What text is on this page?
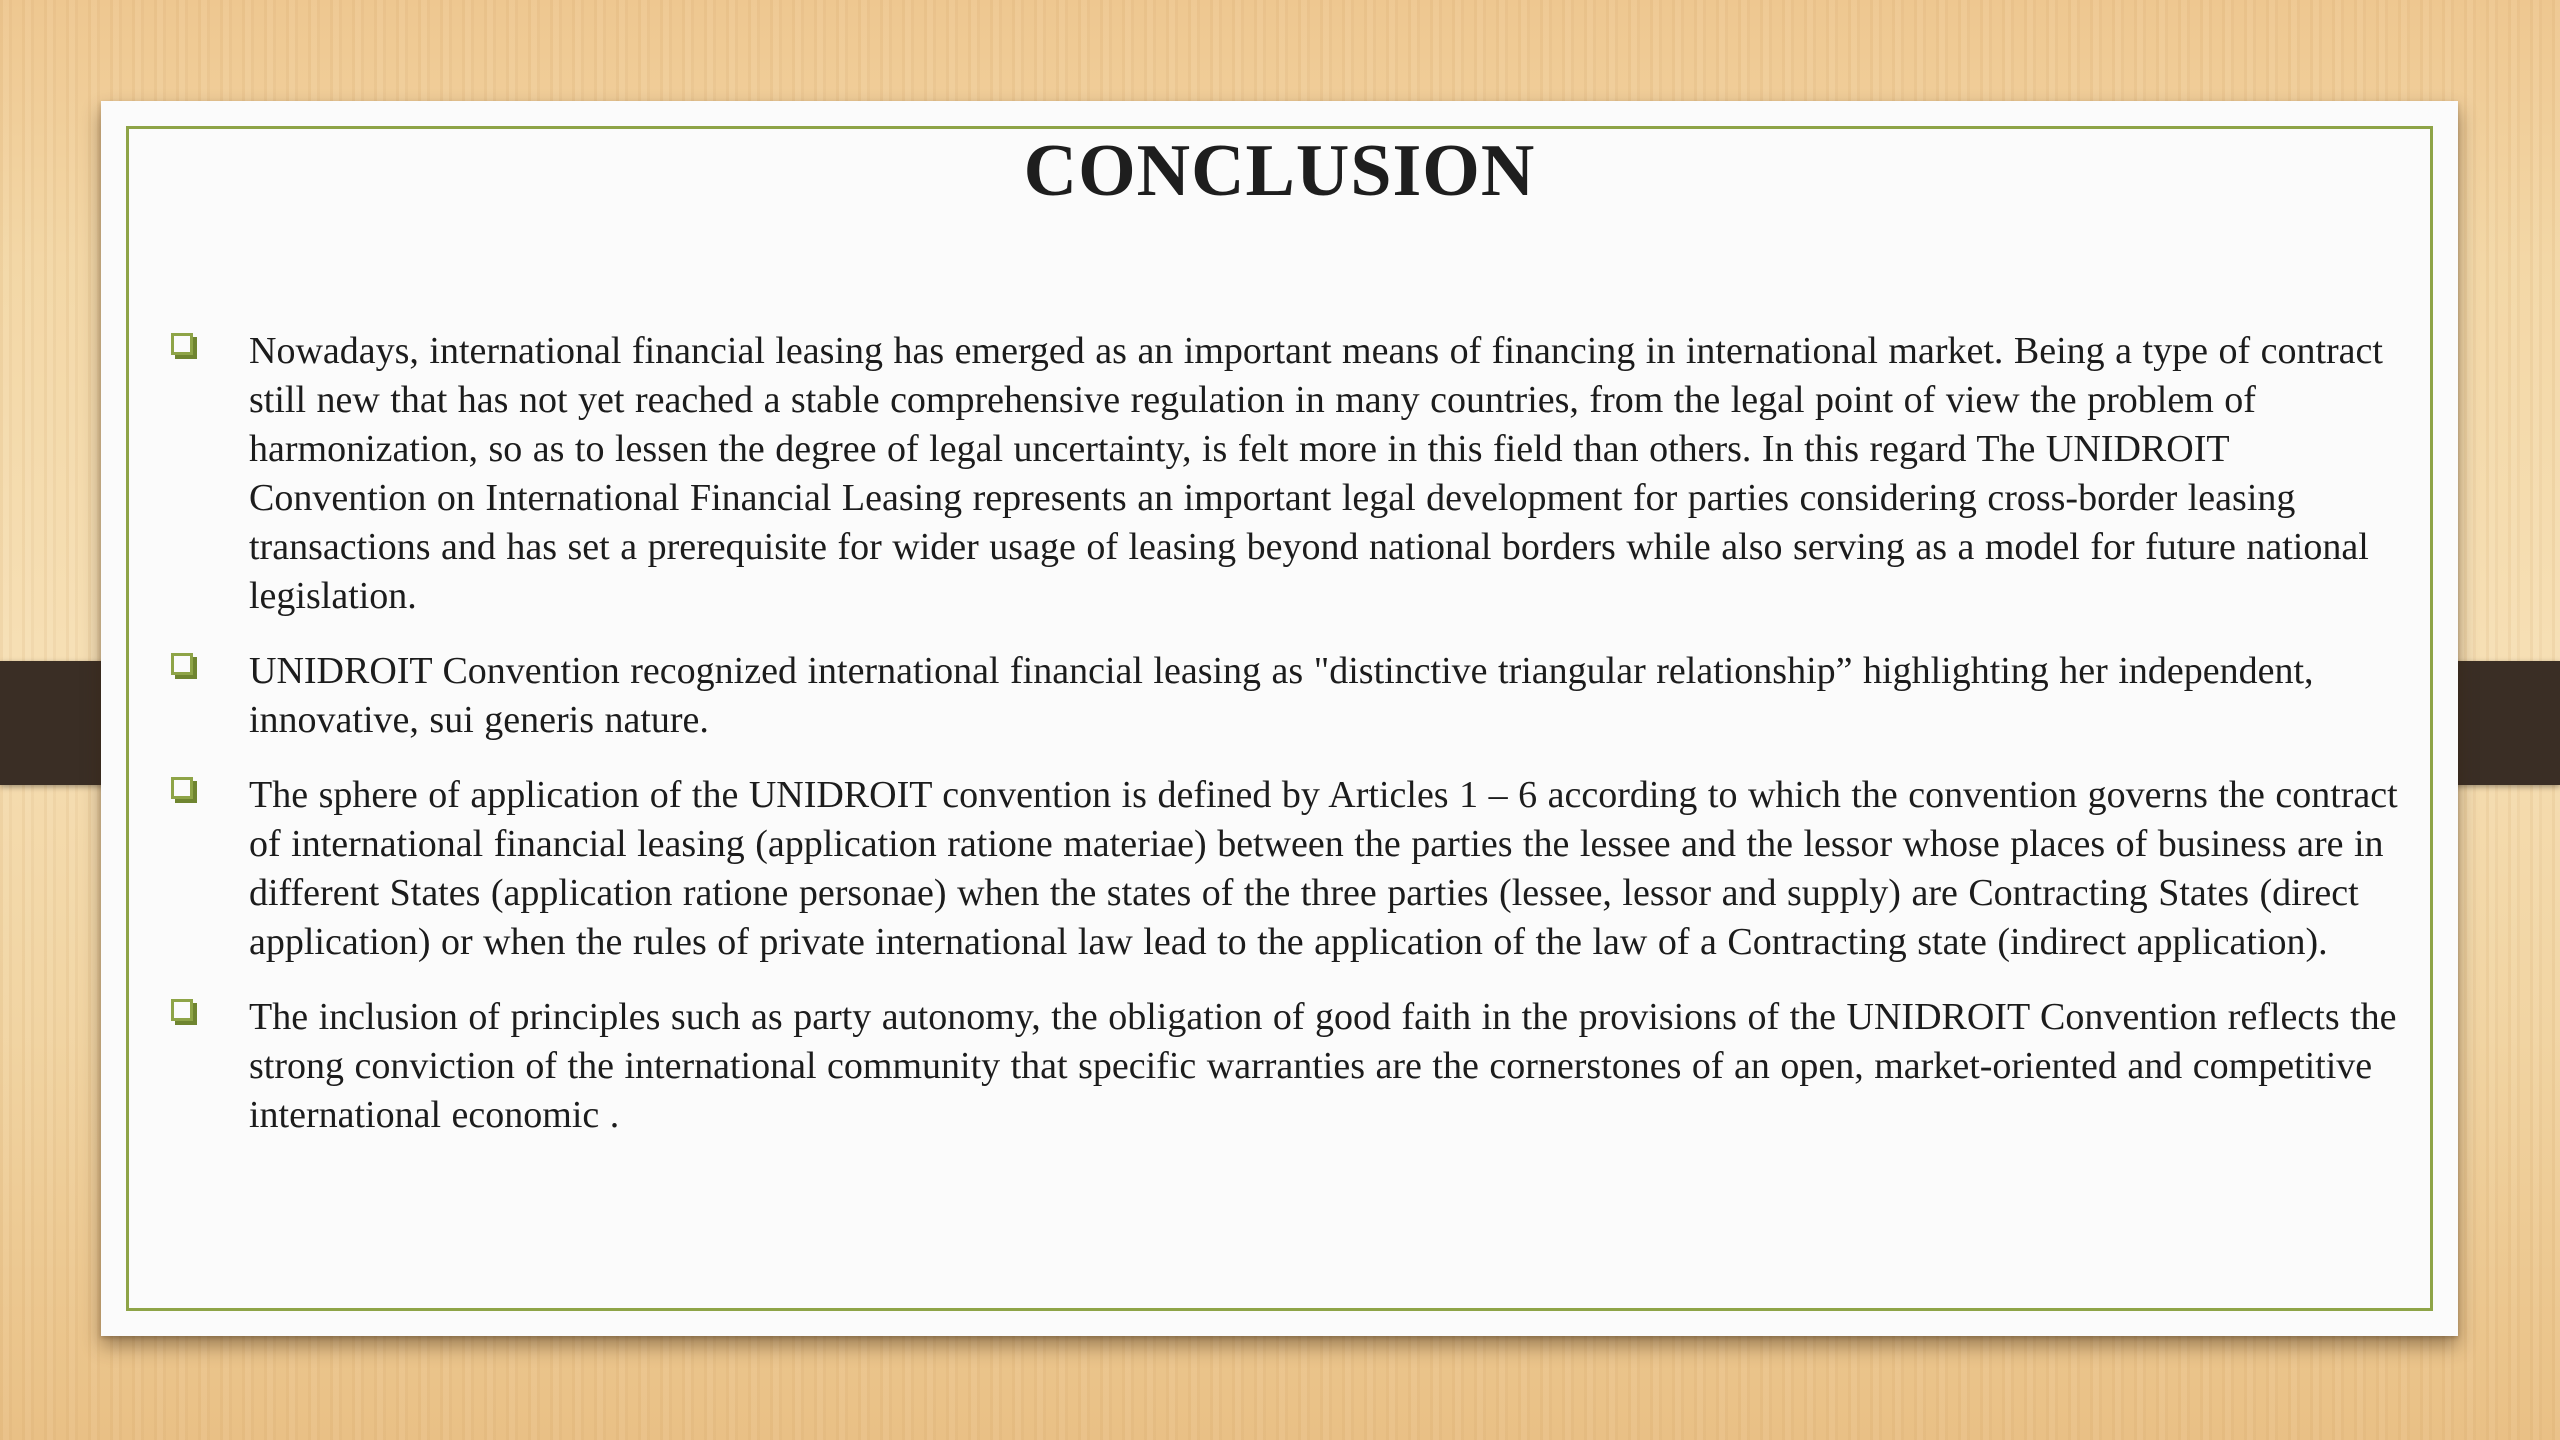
CONCLUSION
Nowadays, international financial leasing has emerged as an important means of financing in international market. Being a type of contract still new that has not yet reached a stable comprehensive regulation in many countries, from the legal point of view the problem of harmonization, so as to lessen the degree of legal uncertainty, is felt more in this field than others. In this regard The UNIDROIT Convention on International Financial Leasing represents an important legal development for parties considering cross-border leasing transactions and has set a prerequisite for wider usage of leasing beyond national borders while also serving as a model for future national legislation.
UNIDROIT Convention recognized international financial leasing as "distinctive triangular relationship” highlighting her independent, innovative, sui generis nature.
The sphere of application of the UNIDROIT convention is defined by Articles 1 – 6 according to which the convention governs the contract of international financial leasing (application ratione materiae) between the parties the lessee and the lessor whose places of business are in different States (application ratione personae) when the states of the three parties (lessee, lessor and supply) are Contracting States (direct application) or when the rules of private international law lead to the application of the law of a Contracting state (indirect application).
The inclusion of principles such as party autonomy, the obligation of good faith in the provisions of the UNIDROIT Convention reflects the strong conviction of the international community that specific warranties are the cornerstones of an open, market-oriented and competitive international economic .
